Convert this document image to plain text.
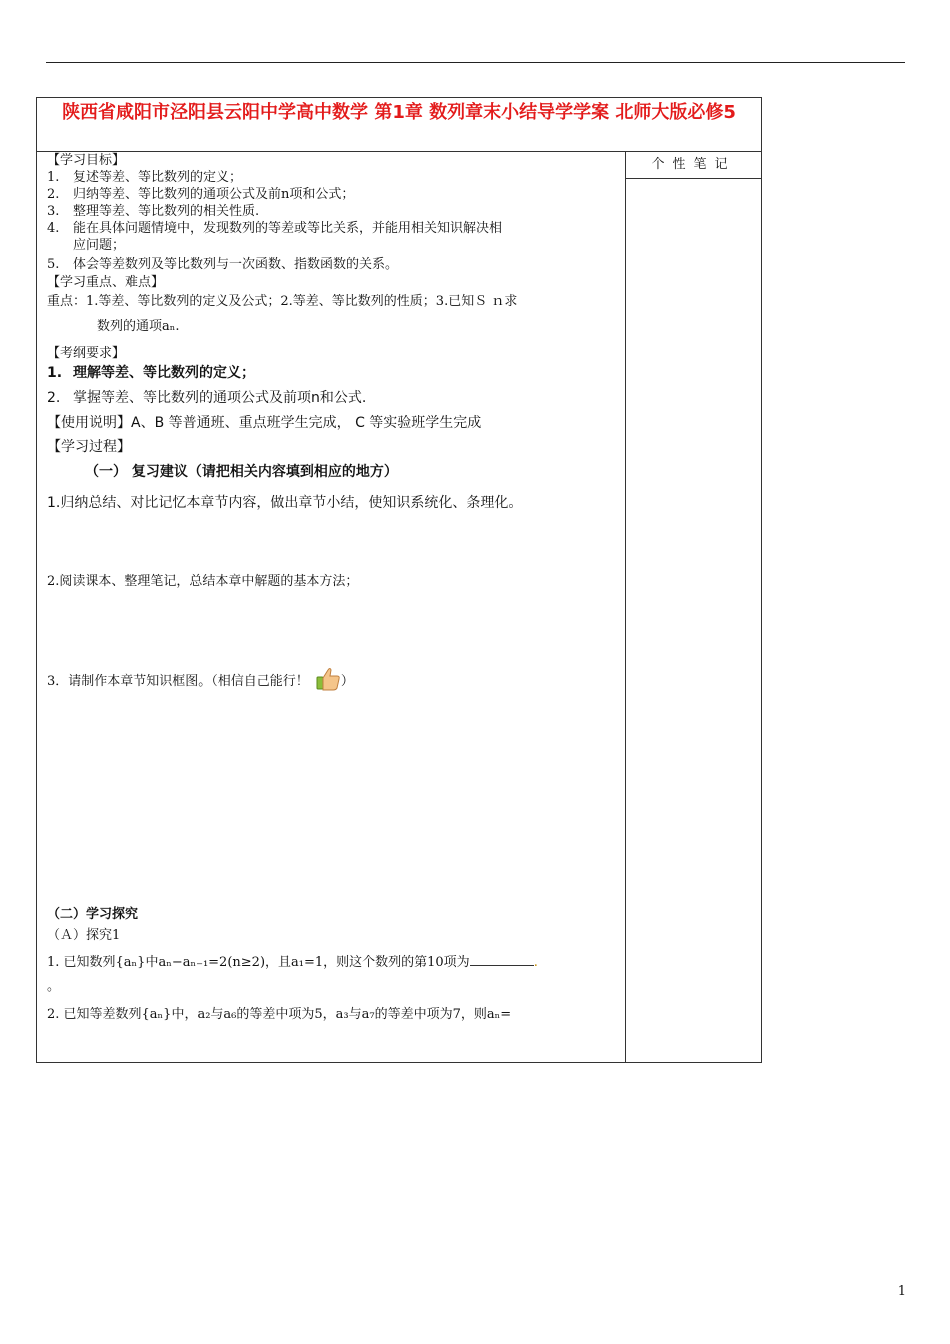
陕西省咸阳市泾阳县云阳中学高中数学 第1章 数列章末小结导学学案 北师大版必修5
个性笔记
【学习目标】
1. 复述等差、等比数列的定义；
2. 归纳等差、等比数列的通项公式及前n项和公式；
3. 整理等差、等比数列的相关性质.
4. 能在具体问题情境中，发现数列的等差或等比关系，并能用相关知识解决相
应问题；
5. 体会等差数列及等比数列与一次函数、指数函数的关系。
【学习重点、难点】
重点：1.等差、等比数列的定义及公式；2.等差、等比数列的性质；3.已知Ｓ ｎ求
数列的通项aₙ.
【考纲要求】
1. 理解等差、等比数列的定义；
2. 掌握等差、等比数列的通项公式及前项n和公式.
【使用说明】A、B 等普通班、重点班学生完成， C 等实验班学生完成
【学习过程】
（一） 复习建议（请把相关内容填到相应的地方）
1.归纳总结、对比记忆本章节内容，做出章节小结，使知识系统化、条理化。
2.阅读课本、整理笔记，总结本章中解题的基本方法；
3．请制作本章节知识框图。（相信自己能行！ ）
（二）学习探究
（Ａ）探究1
1. 已知数列{aₙ}中aₙ−aₙ₋₁=2(n≥2)，且a₁=1，则这个数列的第10项为	.
。
2. 已知等差数列{aₙ}中，a₂与a₆的等差中项为5，a₃与a₇的等差中项为7，则aₙ=
1
